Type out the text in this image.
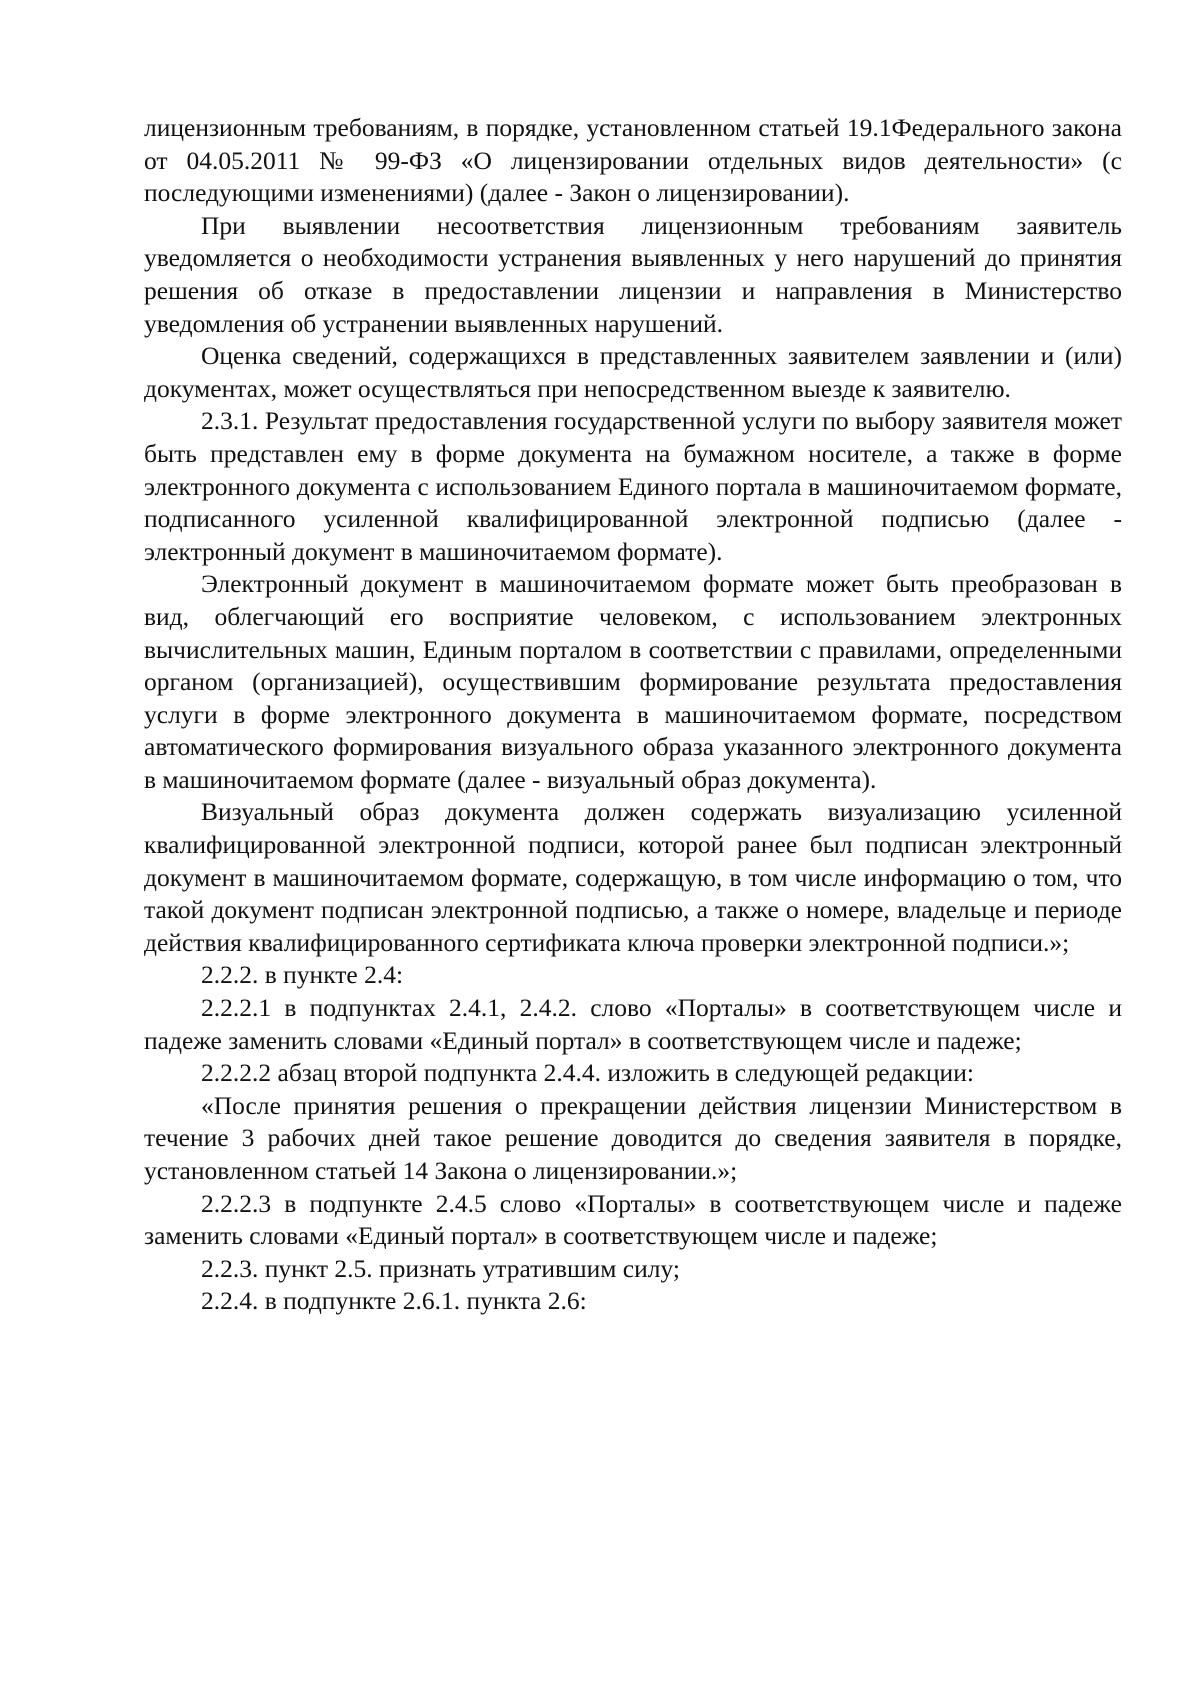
лицензионным требованиям, в порядке, установленном статьей 19.1Федерального закона от 04.05.2011 № 99-ФЗ «О лицензировании отдельных видов деятельности» (с последующими изменениями) (далее - Закон о лицензировании).

При выявлении несоответствия лицензионным требованиям заявитель уведомляется о необходимости устранения выявленных у него нарушений до принятия решения об отказе в предоставлении лицензии и направления в Министерство уведомления об устранении выявленных нарушений.

Оценка сведений, содержащихся в представленных заявителем заявлении и (или) документах, может осуществляться при непосредственном выезде к заявителю.

2.3.1. Результат предоставления государственной услуги по выбору заявителя может быть представлен ему в форме документа на бумажном носителе, а также в форме электронного документа с использованием Единого портала в машиночитаемом формате, подписанного усиленной квалифицированной электронной подписью (далее - электронный документ в машиночитаемом формате).

Электронный документ в машиночитаемом формате может быть преобразован в вид, облегчающий его восприятие человеком, с использованием электронных вычислительных машин, Единым порталом в соответствии с правилами, определенными органом (организацией), осуществившим формирование результата предоставления услуги в форме электронного документа в машиночитаемом формате, посредством автоматического формирования визуального образа указанного электронного документа в машиночитаемом формате (далее - визуальный образ документа).

Визуальный образ документа должен содержать визуализацию усиленной квалифицированной электронной подписи, которой ранее был подписан электронный документ в машиночитаемом формате, содержащую, в том числе информацию о том, что такой документ подписан электронной подписью, а также о номере, владельце и периоде действия квалифицированного сертификата ключа проверки электронной подписи.»;

2.2.2. в пункте 2.4:

2.2.2.1 в подпунктах 2.4.1, 2.4.2. слово «Порталы» в соответствующем числе и падеже заменить словами «Единый портал» в соответствующем числе и падеже;

2.2.2.2 абзац второй подпункта 2.4.4. изложить в следующей редакции:

«После принятия решения о прекращении действия лицензии Министерством в течение 3 рабочих дней такое решение доводится до сведения заявителя в порядке, установленном статьей 14 Закона о лицензировании.»;

2.2.2.3 в подпункте 2.4.5 слово «Порталы» в соответствующем числе и падеже заменить словами «Единый портал» в соответствующем числе и падеже;

2.2.3. пункт 2.5. признать утратившим силу;

2.2.4. в подпункте 2.6.1. пункта 2.6:
